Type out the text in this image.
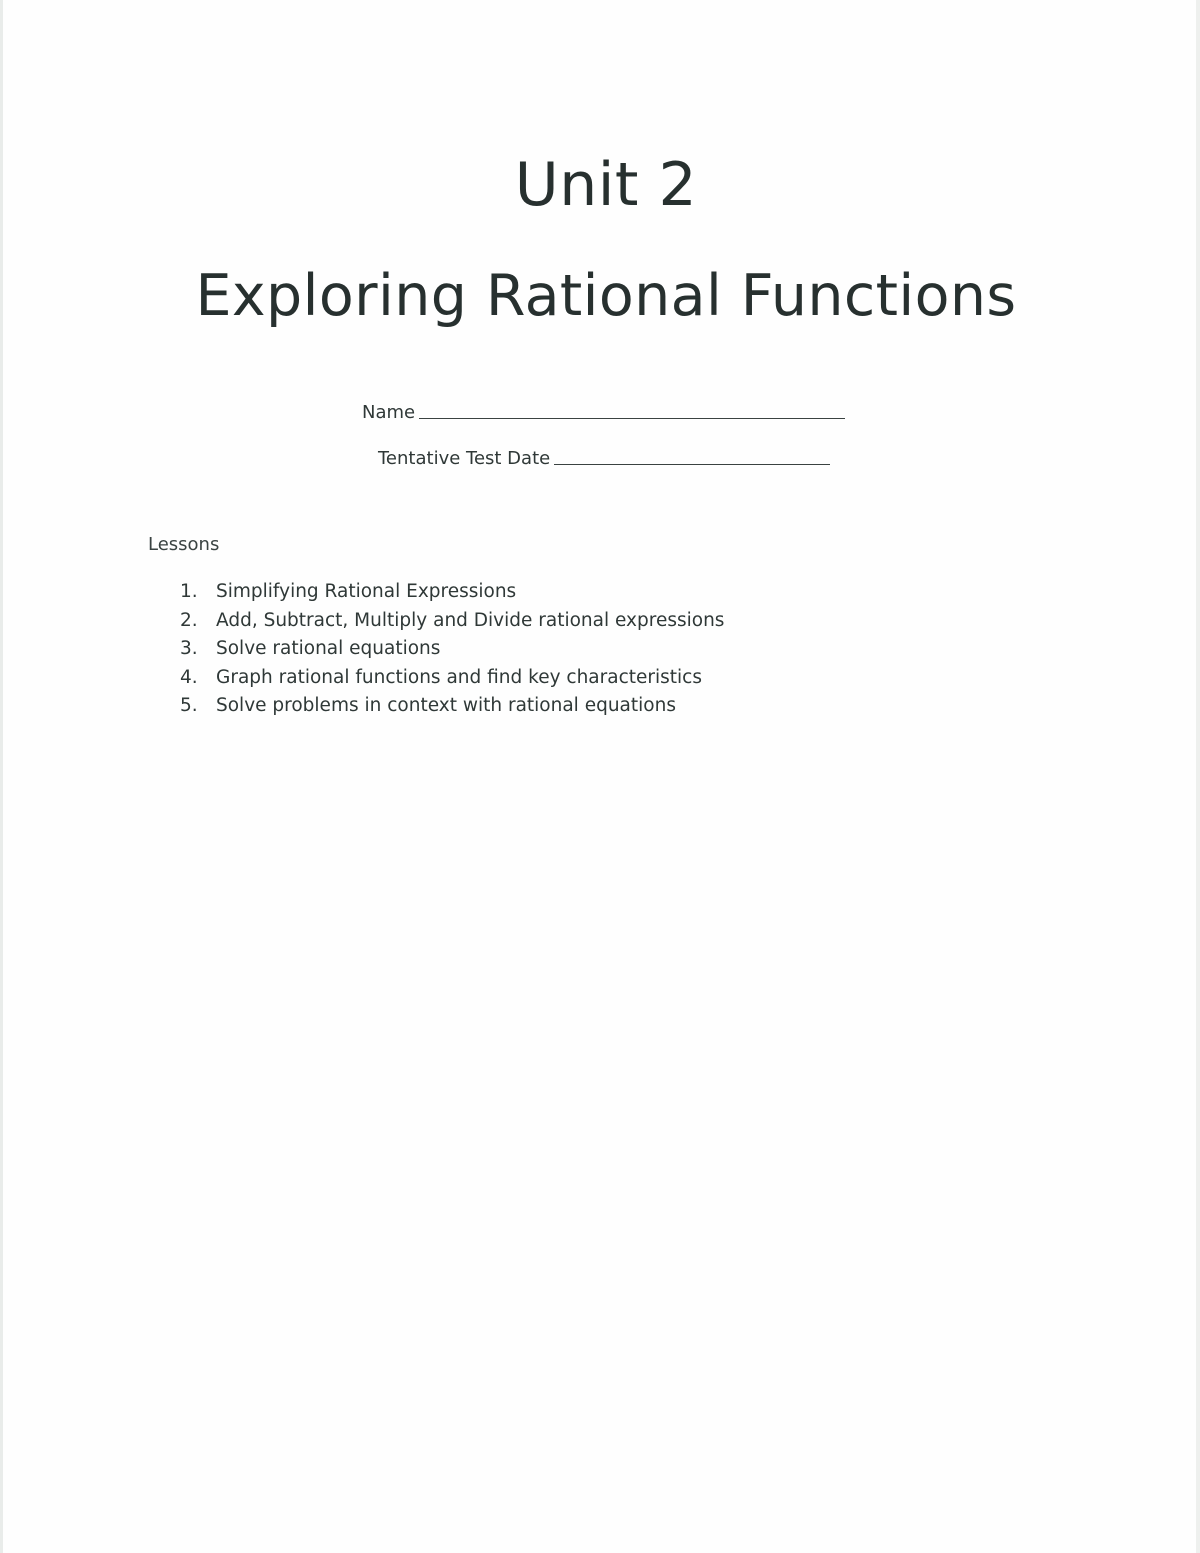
Unit 2
Exploring Rational Functions
Name
Tentative Test Date
Lessons
1. Simplifying Rational Expressions
2. Add, Subtract, Multiply and Divide rational expressions
3. Solve rational equations
4. Graph rational functions and find key characteristics
5. Solve problems in context with rational equations
